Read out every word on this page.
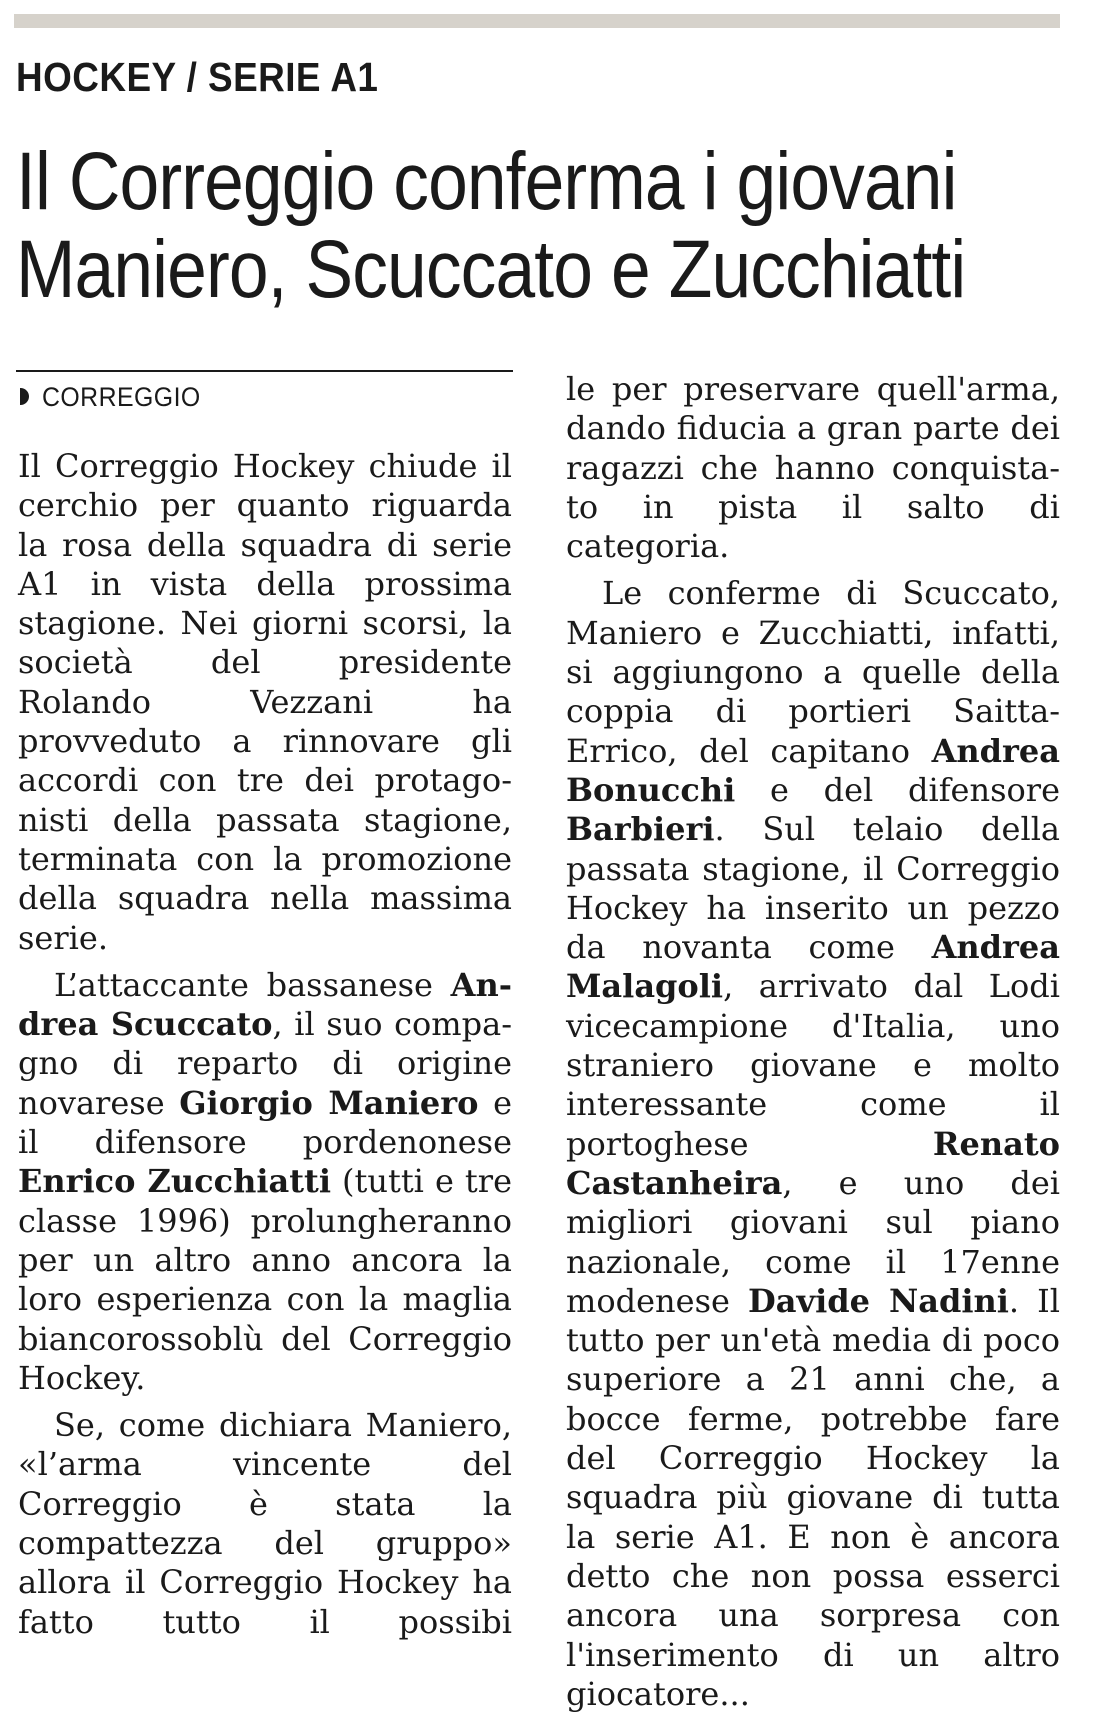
HOCKEY / SERIE A1
Il Correggio conferma i giovani
Maniero, Scuccato e Zucchiatti
CORREGGIO

Il Correggio Hockey chiude il cerchio per quanto riguarda la rosa della squadra di serie A1 in vista della prossima stagione. Nei giorni scorsi, la società del presidente Rolando Vezzani ha provveduto a rinnovare gli accordi con tre dei protagonisti della passata stagione, terminata con la promozione della squadra nella massima serie.

L’attaccante bassanese Andrea Scuccato, il suo compagno di reparto di origine novarese Giorgio Maniero e il difensore pordenonese Enrico Zucchiatti (tutti e tre classe 1996) prolungheranno per un altro anno ancora la loro esperienza con la maglia biancorossoblù del Correggio Hockey.

Se, come dichiara Maniero, «l’arma vincente del Correggio è stata la compattezza del gruppo» allora il Correggio Hockey ha fatto tutto il possibi

le per preservare quell'arma, dando fiducia a gran parte dei ragazzi che hanno conquistato in pista il salto di categoria.

Le conferme di Scuccato, Maniero e Zucchiatti, infatti, si aggiungono a quelle della coppia di portieri Saitta-Errico, del capitano Andrea Bonucchi e del difensore Barbieri. Sul telaio della passata stagione, il Correggio Hockey ha inserito un pezzo da novanta come Andrea Malagoli, arrivato dal Lodi vicecampione d'Italia, uno straniero giovane e molto interessante come il portoghese Renato Castanheira, e uno dei migliori giovani sul piano nazionale, come il 17enne modenese Davide Nadini. Il tutto per un'età media di poco superiore a 21 anni che, a bocce ferme, potrebbe fare del Correggio Hockey la squadra più giovane di tutta la serie A1. E non è ancora detto che non possa esserci ancora una sorpresa con l'inserimento di un altro giocatore...
